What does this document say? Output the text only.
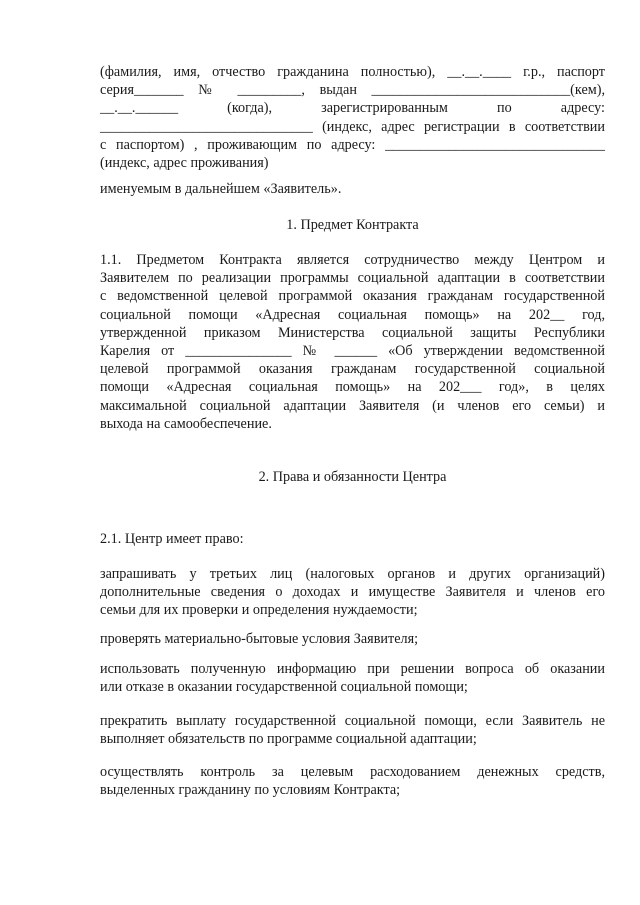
(фамилия, имя, отчество гражданина полностью), __.__.____ г.р., паспорт
серия_______ № _________, выдан ____________________________(кем),
__.__.______ (когда), зарегистрированным по адресу:
______________________________ (индекс, адрес регистрации в соответствии
с паспортом) , проживающим по адресу: _______________________________
(индекс, адрес проживания)
именуемым в дальнейшем «Заявитель».
1. Предмет Контракта
1.1. Предметом Контракта является сотрудничество между Центром и
Заявителем по реализации программы социальной адаптации в соответствии
с ведомственной целевой программой оказания гражданам государственной
социальной помощи «Адресная социальная помощь» на 202__ год,
утвержденной приказом Министерства социальной защиты Республики
Карелия от _______________ № ______ «Об утверждении ведомственной
целевой программой оказания гражданам государственной социальной
помощи «Адресная социальная помощь» на 202___ год», в целях
максимальной социальной адаптации Заявителя (и членов его семьи) и
выхода на самообеспечение.
2. Права и обязанности Центра
2.1. Центр имеет право:
запрашивать у третьих лиц (налоговых органов и других организаций)
дополнительные сведения о доходах и имуществе Заявителя и членов его
семьи для их проверки и определения нуждаемости;
проверять материально-бытовые условия Заявителя;
использовать полученную информацию при решении вопроса об оказании
или отказе в оказании государственной социальной помощи;
прекратить выплату государственной социальной помощи, если Заявитель не
выполняет обязательств по программе социальной адаптации;
осуществлять контроль за целевым расходованием денежных средств,
выделенных гражданину по условиям Контракта;
